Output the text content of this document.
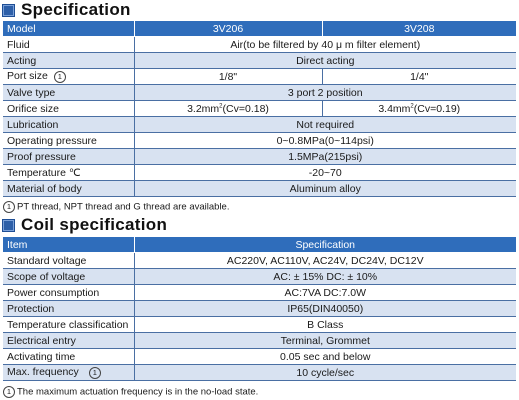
Specification
Model	3V206	3V208
Fluid	Air(to be filtered by 40 μ m filter element)	
Acting	Direct acting	
Port size 1	1/8"	1/4"
Valve type	3 port 2 position	
Orifice size	$3.2mm^2(Cv=0.18)$	$3.4mm^2(Cv=0.19)$
Lubrication	Not required	
Operating pressure	0~0.8MPa(0~114psi)	
Proof pressure	1.5MPa(215psi)	
Temperature ℃	-20~70	
Material of body	Aluminum alloy	
1 PT thread, NPT thread and G thread are available.
Coil specification
Item	Specification
Standard voltage	AC220V, AC110V, AC24V, DC24V, DC12V
Scope of voltage	AC: ± 15% DC: ± 10%
Power consumption	AC:7VA DC:7.0W
Protection	IP65(DIN40050)
Temperature classification	B Class
Electrical entry	Terminal, Grommet
Activating time	0.05 sec and below
Max. frequency 1	10 cycle/sec
1 The maximum actuation frequency is in the no-load state.
